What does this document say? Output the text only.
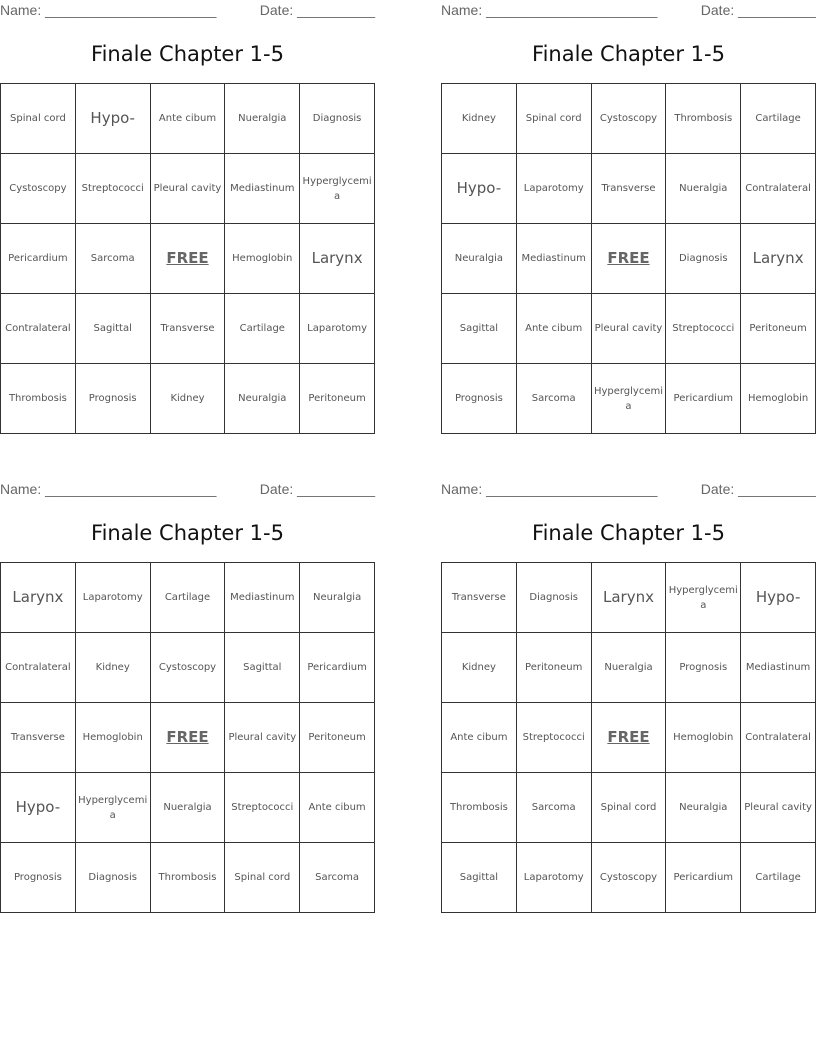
Name: ______________________	Date: __________
Finale Chapter 1-5
Spinal cord	Hypo-	Ante cibum	Nueralgia	Diagnosis
Cystoscopy	Streptococci	Pleural cavity	Mediastinum	Hyperglycemia
Pericardium	Sarcoma	FREE	Hemoglobin	Larynx
Contralateral	Sagittal	Transverse	Cartilage	Laparotomy
Thrombosis	Prognosis	Kidney	Neuralgia	Peritoneum
Name: ______________________	Date: __________
Finale Chapter 1-5
Kidney	Spinal cord	Cystoscopy	Thrombosis	Cartilage
Hypo-	Laparotomy	Transverse	Nueralgia	Contralateral
Neuralgia	Mediastinum	FREE	Diagnosis	Larynx
Sagittal	Ante cibum	Pleural cavity	Streptococci	Peritoneum
Prognosis	Sarcoma	Hyperglycemia	Pericardium	Hemoglobin
Name: ______________________	Date: __________
Finale Chapter 1-5
Larynx	Laparotomy	Cartilage	Mediastinum	Neuralgia
Contralateral	Kidney	Cystoscopy	Sagittal	Pericardium
Transverse	Hemoglobin	FREE	Pleural cavity	Peritoneum
Hypo-	Hyperglycemia	Nueralgia	Streptococci	Ante cibum
Prognosis	Diagnosis	Thrombosis	Spinal cord	Sarcoma
Name: ______________________	Date: __________
Finale Chapter 1-5
Transverse	Diagnosis	Larynx	Hyperglycemia	Hypo-
Kidney	Peritoneum	Nueralgia	Prognosis	Mediastinum
Ante cibum	Streptococci	FREE	Hemoglobin	Contralateral
Thrombosis	Sarcoma	Spinal cord	Neuralgia	Pleural cavity
Sagittal	Laparotomy	Cystoscopy	Pericardium	Cartilage
